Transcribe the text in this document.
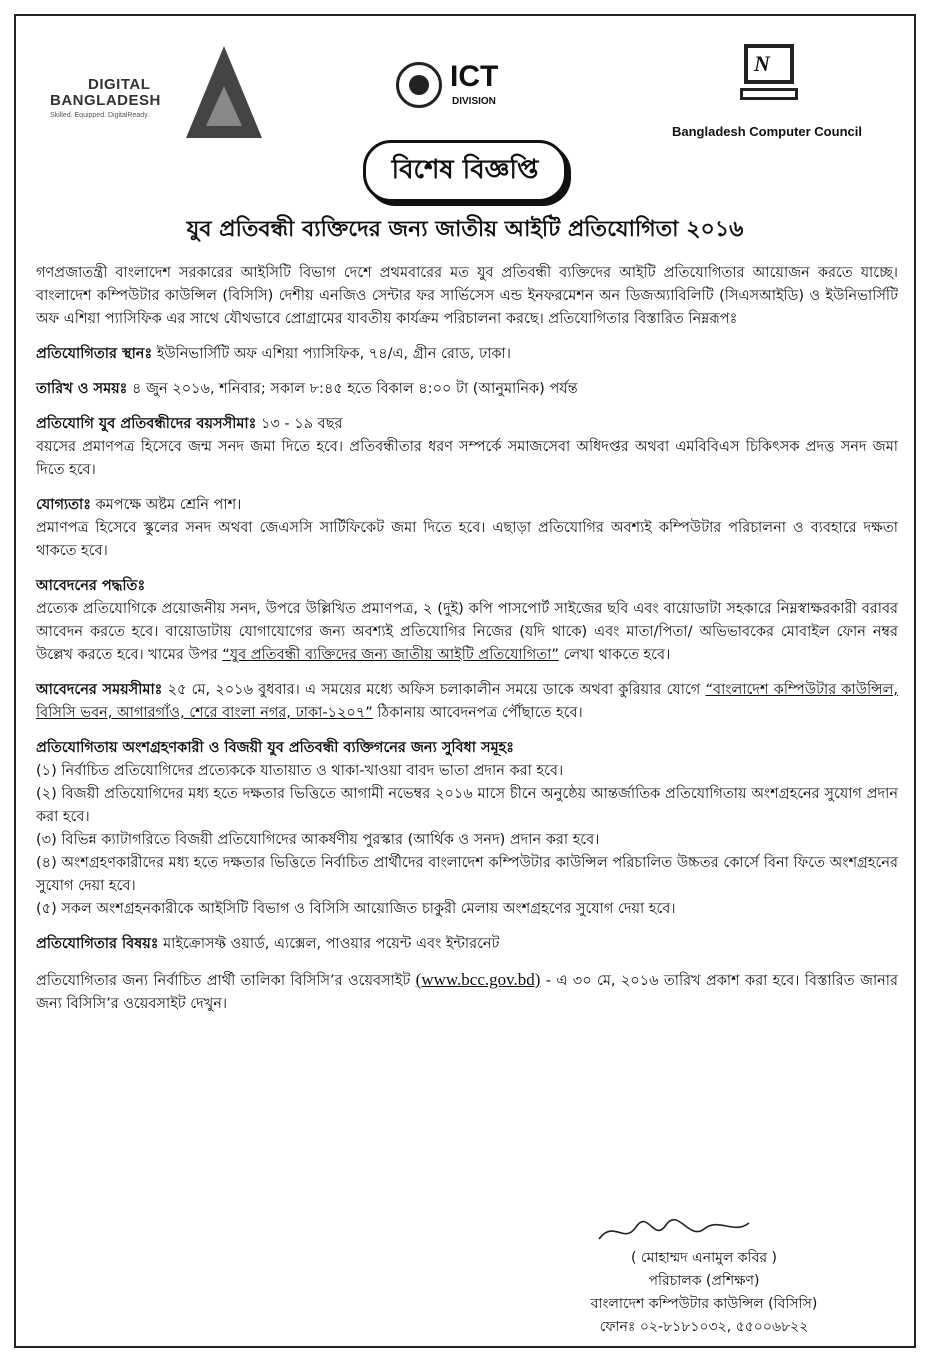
DIGITAL
BANGLADESH
Skilled. Equipped. DigitalReady.
ICT
DIVISION
N
Bangladesh Computer Council
বিশেষ বিজ্ঞপ্তি
যুব প্রতিবন্ধী ব্যক্তিদের জন্য জাতীয় আইটি প্রতিযোগিতা ২০১৬

গণপ্রজাতন্ত্রী বাংলাদেশ সরকারের আইসিটি বিভাগ দেশে প্রথমবারের মত যুব প্রতিবন্ধী ব্যক্তিদের আইটি প্রতিযোগিতার আয়োজন করতে যাচ্ছে। বাংলাদেশ কম্পিউটার কাউন্সিল (বিসিসি) দেশীয় এনজিও সেন্টার ফর সার্ভিসেস এন্ড ইনফরমেশন অন ডিজঅ্যাবিলিটি (সিএসআইডি) ও ইউনিভার্সিটি অফ এশিয়া প্যাসিফিক এর সাথে যৌথভাবে প্রোগ্রামের যাবতীয় কার্যক্রম পরিচালনা করছে। প্রতিযোগিতার বিস্তারিত নিম্নরূপঃ

প্রতিযোগিতার স্থানঃ ইউনিভার্সিটি অফ এশিয়া প্যাসিফিক, ৭৪/এ, গ্রীন রোড, ঢাকা।

তারিখ ও সময়ঃ ৪ জুন ২০১৬, শনিবার; সকাল ৮:৪৫ হতে বিকাল ৪:০০ টা (আনুমানিক) পর্যন্ত

প্রতিযোগি যুব প্রতিবন্ধীদের বয়সসীমাঃ ১৩ - ১৯ বছর

বয়সের প্রমাণপত্র হিসেবে জন্ম সনদ জমা দিতে হবে। প্রতিবন্ধীতার ধরণ সম্পর্কে সমাজসেবা অধিদপ্তর অথবা এমবিবিএস চিকিৎসক প্রদত্ত সনদ জমা দিতে হবে।

যোগ্যতাঃ কমপক্ষে অষ্টম শ্রেনি পাশ।

প্রমাণপত্র হিসেবে স্কুলের সনদ অথবা জেএসসি সার্টিফিকেট জমা দিতে হবে। এছাড়া প্রতিযোগির অবশ্যই কম্পিউটার পরিচালনা ও ব্যবহারে দক্ষতা থাকতে হবে।

আবেদনের পদ্ধতিঃ

প্রত্যেক প্রতিযোগিকে প্রয়োজনীয় সনদ, উপরে উল্লিখিত প্রমাণপত্র, ২ (দুই) কপি পাসপোর্ট সাইজের ছবি এবং বায়োডাটা সহকারে নিম্নস্বাক্ষরকারী বরাবর আবেদন করতে হবে। বায়োডাটায় যোগাযোগের জন্য অবশ্যই প্রতিযোগির নিজের (যদি থাকে) এবং মাতা/পিতা/ অভিভাবকের মোবাইল ফোন নম্বর উল্লেখ করতে হবে। খামের উপর “যুব প্রতিবন্ধী ব্যক্তিদের জন্য জাতীয় আইটি প্রতিযোগিতা” লেখা থাকতে হবে।

আবেদনের সময়সীমাঃ ২৫ মে, ২০১৬ বুধবার। এ সময়ের মধ্যে অফিস চলাকালীন সময়ে ডাকে অথবা কুরিয়ার যোগে “বাংলাদেশ কম্পিউটার কাউন্সিল, বিসিসি ভবন, আগারগাঁও, শেরে বাংলা নগর, ঢাকা-১২০৭” ঠিকানায় আবেদনপত্র পৌঁছাতে হবে।

প্রতিযোগিতায় অংশগ্রহণকারী ও বিজয়ী যুব প্রতিবন্ধী ব্যক্তিগনের জন্য সুবিধা সমূহঃ

(১) নির্বাচিত প্রতিযোগিদের প্রত্যেককে যাতায়াত ও থাকা-খাওয়া বাবদ ভাতা প্রদান করা হবে।
(২) বিজয়ী প্রতিযোগিদের মধ্য হতে দক্ষতার ভিত্তিতে আগামী নভেম্বর ২০১৬ মাসে চীনে অনুষ্ঠেয় আন্তর্জাতিক প্রতিযোগিতায় অংশগ্রহনের সুযোগ প্রদান করা হবে।
(৩) বিভিন্ন ক্যাটাগরিতে বিজয়ী প্রতিযোগিদের আকর্ষণীয় পুরস্কার (আর্থিক ও সনদ) প্রদান করা হবে।
(৪) অংশগ্রহণকারীদের মধ্য হতে দক্ষতার ভিত্তিতে নির্বাচিত প্রার্থীদের বাংলাদেশ কম্পিউটার কাউন্সিল পরিচালিত উচ্চতর কোর্সে বিনা ফিতে অংশগ্রহনের সুযোগ দেয়া হবে।
(৫) সকল অংশগ্রহনকারীকে আইসিটি বিভাগ ও বিসিসি আয়োজিত চাকুরী মেলায় অংশগ্রহণের সুযোগ দেয়া হবে।

প্রতিযোগিতার বিষয়ঃ মাইক্রোসফ্ট ওয়ার্ড, এ্যক্সেল, পাওয়ার পয়েন্ট এবং ইন্টারনেট

প্রতিযোগিতার জন্য নির্বাচিত প্রার্থী তালিকা বিসিসি’র ওয়েবসাইট (www.bcc.gov.bd) - এ ৩০ মে, ২০১৬ তারিখ প্রকাশ করা হবে। বিস্তারিত জানার জন্য বিসিসি’র ওয়েবসাইট দেখুন।

( মোহাম্মদ এনামুল কবির )
পরিচালক (প্রশিক্ষণ)
বাংলাদেশ কম্পিউটার কাউন্সিল (বিসিসি)
ফোনঃ ০২-৮১৮১০৩২, ৫৫০০৬৮২২
